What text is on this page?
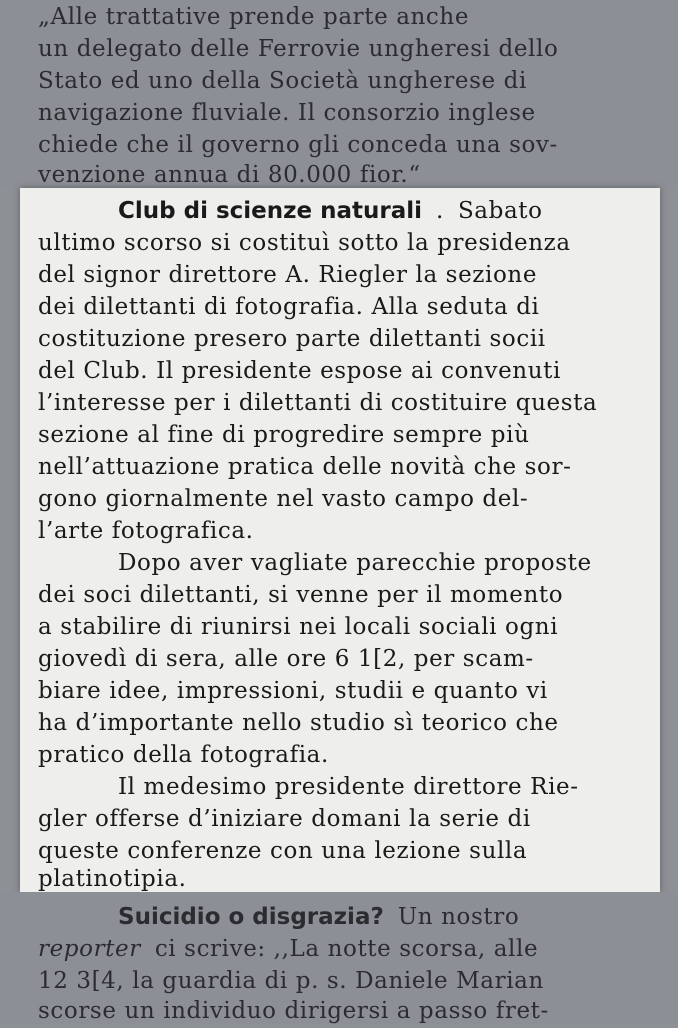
„Alle trattative prende parte anche
un delegato delle Ferrovie ungheresi dello
Stato ed uno della Società ungherese di
navigazione fluviale. Il consorzio inglese
chiede che il governo gli conceda una sov-
venzione annua di 80.000 fior.“
Club di scienze naturali . Sabato
ultimo scorso si costituì sotto la presidenza
del signor direttore A. Riegler la sezione
dei dilettanti di fotografia. Alla seduta di
costituzione presero parte dilettanti socii
del Club. Il presidente espose ai convenuti
l’interesse per i dilettanti di costituire questa
sezione al fine di progredire sempre più
nell’attuazione pratica delle novità che sor-
gono giornalmente nel vasto campo del-
l’arte fotografica.
Dopo aver vagliate parecchie proposte
dei soci dilettanti, si venne per il momento
a stabilire di riunirsi nei locali sociali ogni
giovedì di sera, alle ore 6 1[2, per scam-
biare idee, impressioni, studii e quanto vi
ha d’importante nello studio sì teorico che
pratico della fotografia.
Il medesimo presidente direttore Rie-
gler offerse d’iniziare domani la serie di
queste conferenze con una lezione sulla
platinotipia.
Suicidio o disgrazia? Un nostro
reporter ci scrive: ,,La notte scorsa, alle
12 3[4, la guardia di p. s. Daniele Marian
scorse un individuo dirigersi a passo fret-
